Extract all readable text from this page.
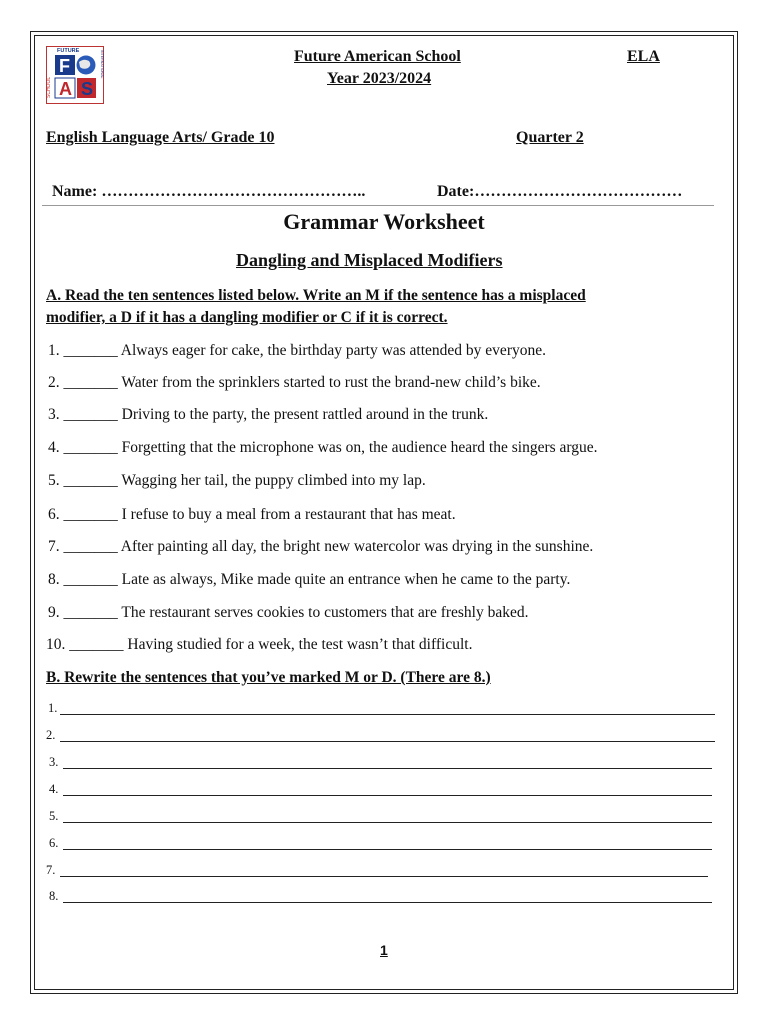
SCHOOL
FUTURE	INTERNATIONAL
F
A S
Future American School
Year 2023/2024
ELA
English Language Arts/ Grade 10	Quarter 2
Name: …………………………………………..	Date:…………………………………
Grammar Worksheet
Dangling and Misplaced Modifiers
A. Read the ten sentences listed below. Write an M if the sentence has a misplaced
modifier, a D if it has a dangling modifier or C if it is correct.
1. _______ Always eager for cake, the birthday party was attended by everyone.
2. _______ Water from the sprinklers started to rust the brand-new child’s bike.
3. _______ Driving to the party, the present rattled around in the trunk.
4. _______ Forgetting that the microphone was on, the audience heard the singers argue.
5. _______ Wagging her tail, the puppy climbed into my lap.
6. _______ I refuse to buy a meal from a restaurant that has meat.
7. _______ After painting all day, the bright new watercolor was drying in the sunshine.
8. _______ Late as always, Mike made quite an entrance when he came to the party.
9. _______ The restaurant serves cookies to customers that are freshly baked.
10. _______ Having studied for a week, the test wasn’t that difficult.
B. Rewrite the sentences that you’ve marked M or D. (There are 8.)
1.
2.
3.
4.
5.
6.
7.
8.
1
